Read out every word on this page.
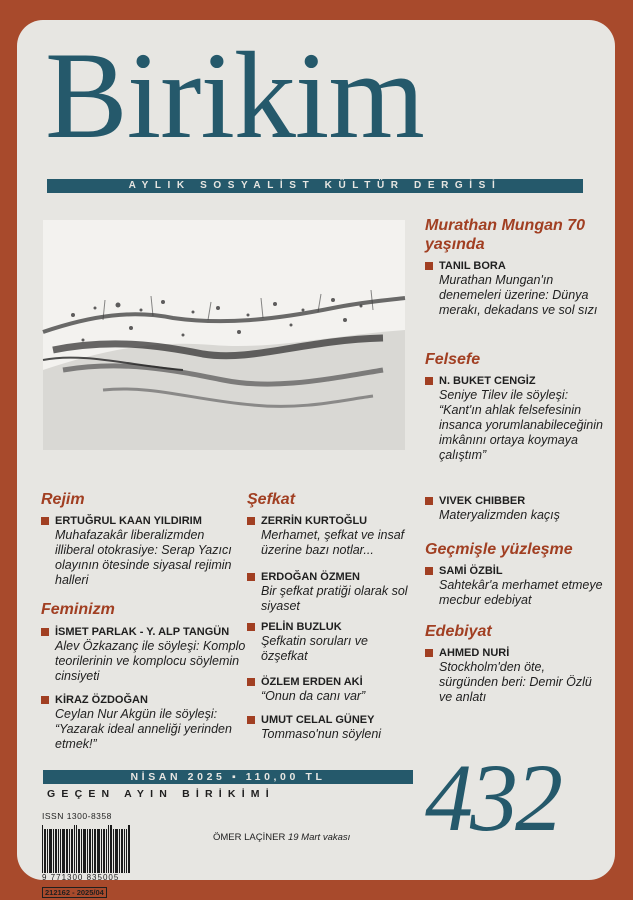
Birikim
AYLIK SOSYALİST KÜLTÜR DERGİSİ
Murathan Mungan 70 yaşında
TANIL BORA
Murathan Mungan'ın denemeleri üzerine: Dünya merakı, dekadans ve sol sızı
Felsefe
N. BUKET CENGİZ
Seniye Tilev ile söyleşi: “Kant'ın ahlak felsefesinin insanca yorumlanabileceğinin imkânını ortaya koymaya çalıştım”
VIVEK CHIBBER
Materyalizmden kaçış
Geçmişle yüzleşme
SAMİ ÖZBİL
Sahtekâr'a merhamet etmeye mecbur edebiyat
Edebiyat
AHMED NURİ
Stockholm'den öte, sürgünden beri: Demir Özlü ve anlatı
Rejim
ERTUĞRUL KAAN YILDIRIM
Muhafazakâr liberalizmden illiberal otokrasiye: Serap Yazıcı olayının ötesinde siyasal rejimin halleri
Feminizm
İSMET PARLAK - Y. ALP TANGÜN
Alev Özkazanç ile söyleşi: Komplo teorilerinin ve komplocu söylemin cinsiyeti
KİRAZ ÖZDOĞAN
Ceylan Nur Akgün ile söyleşi: “Yazarak ideal anneliği yerinden etmek!”
Şefkat
ZERRİN KURTOĞLU
Merhamet, şefkat ve insaf üzerine bazı notlar...
ERDOĞAN ÖZMEN
Bir şefkat pratiği olarak sol siyaset
PELİN BUZLUK
Şefkatin soruları ve özşefkat
ÖZLEM ERDEN AKİ
“Onun da canı var”
UMUT CELAL GÜNEY
Tommaso'nun söyleni
NİSAN 2025 ▪ 110,00 TL
GEÇEN AYIN BİRİKİMİ	432
ISSN 1300-8358
9 771300 835005
212162 - 2025/04
ÖMER LAÇİNER 19 Mart vakası
